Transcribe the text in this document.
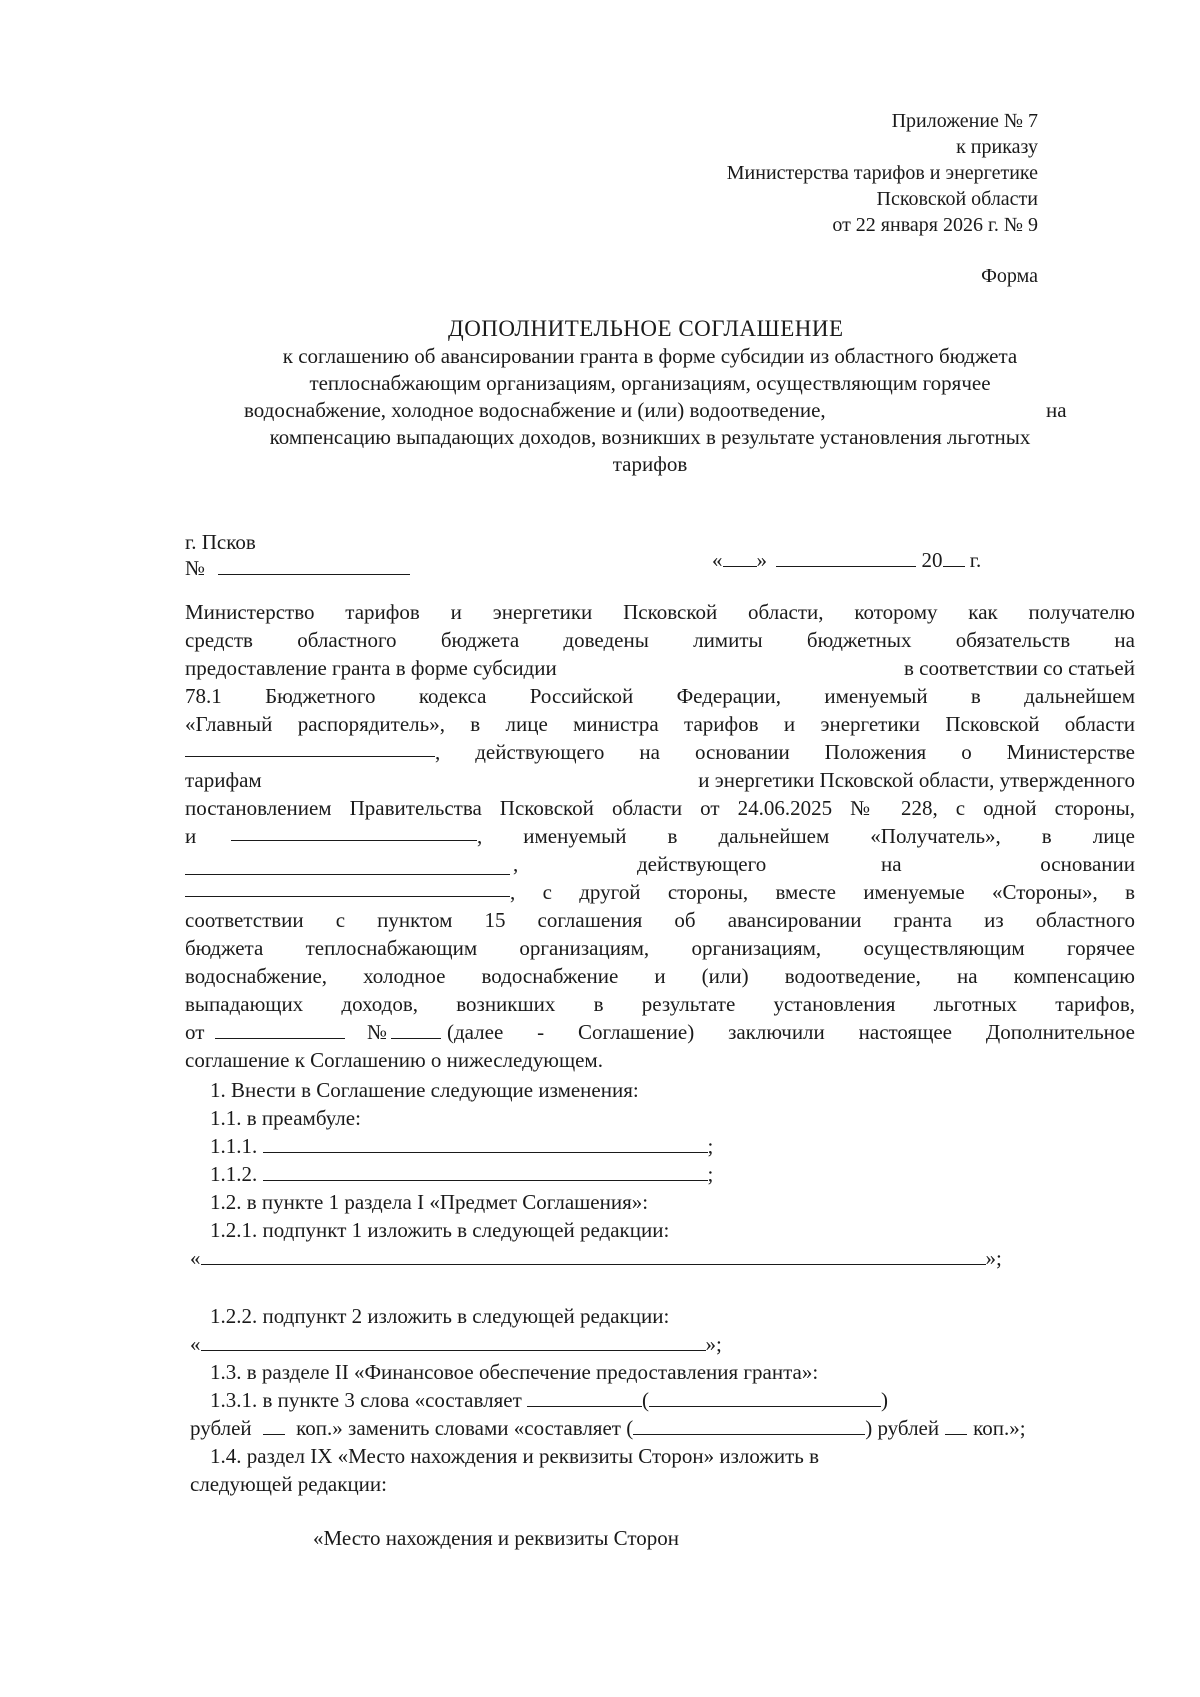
Приложение № 7
к приказу
Министерства тарифов и энергетике
Псковской области
от 22 января 2026 г. № 9
Форма
ДОПОЛНИТЕЛЬНОЕ СОГЛАШЕНИЕ
к соглашению об авансировании гранта в форме субсидии из областного бюджета
теплоснабжающим организациям, организациям, осуществляющим горячее
водоснабжение, холодное водоснабжение и (или) водоотведение,	на
компенсацию выпадающих доходов, возникших в результате установления льготных
тарифов
г. Псков
№	« »	20 г.
Министерство тарифов и энергетики Псковской области, которому как получателю
средств областного бюджета доведены лимиты бюджетных обязательств на
предоставление гранта в форме субсидии	в соответствии со статьей
78.1 Бюджетного кодекса Российской Федерации, именуемый в дальнейшем
«Главный распорядитель», в лице министра тарифов и энергетики Псковской области
, действующего на основании Положения о Министерстве
тарифам	и энергетики Псковской области, утвержденного
постановлением Правительства Псковской области от 24.06.2025 № 228, с одной стороны,
и	, именуемый в дальнейшем «Получатель», в лице
,	действующего	на	основании
, с другой стороны, вместе именуемые «Стороны», в
соответствии с пунктом 15 соглашения об авансировании гранта из областного
бюджета теплоснабжающим организациям, организациям, осуществляющим горячее
водоснабжение, холодное водоснабжение и (или) водоотведение, на компенсацию
выпадающих доходов, возникших в результате установления льготных тарифов,
от	№	(далее - Соглашение) заключили настоящее Дополнительное
соглашение к Соглашению о нижеследующем.
1. Внести в Соглашение следующие изменения:
1.1. в преамбуле:
1.1.1.	;
1.1.2.	;
1.2. в пункте 1 раздела I «Предмет Соглашения»:
1.2.1. подпункт 1 изложить в следующей редакции:
«	»;
1.2.2. подпункт 2 изложить в следующей редакции:
«	»;
1.3. в разделе II «Финансовое обеспечение предоставления гранта»:
1.3.1. в пункте 3 слова «составляет	(	)
рублей коп.» заменить словами «составляет (	) рублей коп.»;
1.4. раздел IX «Место нахождения и реквизиты Сторон» изложить в
следующей редакции:
«Место нахождения и реквизиты Сторон
